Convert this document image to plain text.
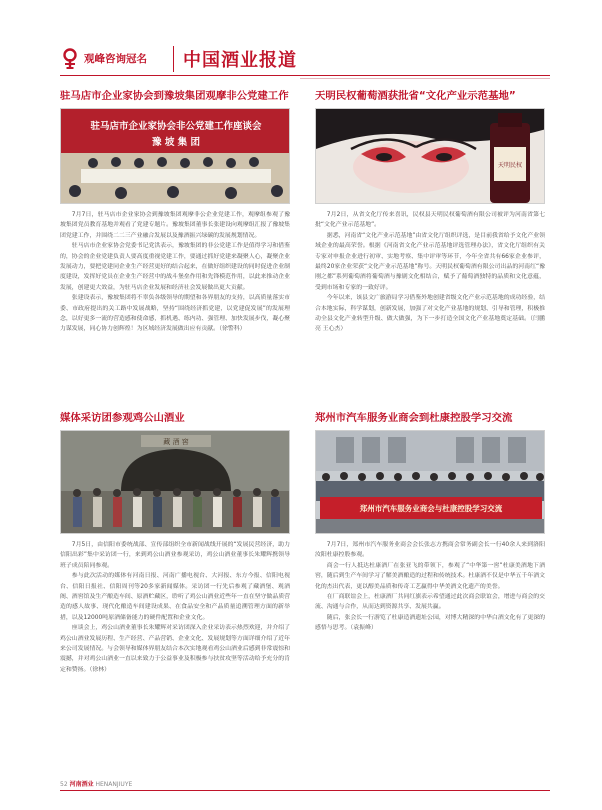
观峰咨询冠名 中国酒业报道
驻马店市企业家协会到豫坡集团观摩非公党建工作
驻马店市企业家协会非公党建工作座谈会
豫 坡 集 团

7月7日，驻马店市企业家协会到豫坡集团观摩非公企业党建工作，观摩组参观了豫坡集团党员教育基地并观看了党建专题片。豫坡集团董事长张建设向观摩组汇报了豫坡集团党建工作，并围绕二二三产业融合发展以及豫酒振兴绿碳的发展规划情况。

驻马店市企业家协会党委书记党洪表示，豫坡集团的非公党建工作是值得学习和借鉴的，协会的企业党建负责人要高度重视党建工作，要通过抓好党建来凝聚人心，凝聚企业发展动力，要把党建同企业生产经营更好的结合起来，在做好组织建设的同时促进企业制度建设，发挥好党员在企业生产经营中的战斗堡垒作用和先锋模范作用，以此来推动企业发展，创建更大效益，为驻马店企业发展和经济社会发展做出更大贡献。

张建设表示，豫坡集团将不辜负各级领导的期望和各界朋友的支持，以高质量落实市委、市政府提出的关工路中发展战略，坚持“围绕经济抓党建，以党建促发展”的发展理念，以好更多一流的营造感和使命感，抓机遇、练内功、强管理、加快发展步伐，凝心聚力谋发展，同心协力创辉煌！为区域经济发展做出应有贡献。（徐警科）

天明民权葡萄酒获批省“文化产业示范基地”
天明民权

7月2日，从省文化厅传来喜讯，民权县天明民权葡萄酒有限公司被评为河南省第七批“文化产业示范基地”。

据悉，河南省“文化产业示范基地”由省文化厅组织评选，是目前我省给予文化产业领域企业的最高荣誉。根据《河南省文化产业示范基地评选管理办法》，省文化厅组织有关专家对申报企业进行初审、实地考察、集中评审等环节，今年全省共有66家企业参评，最终20家企业荣获“文化产业示范基地”称号。天明民权葡萄酒有限公司出品的河南红“豫刚之都”系列葡萄酒将葡萄酒与豫剧文化相结合，赋予了葡萄酒独特的品质和文化意蕴，受到市场和专家的一致好评。

今年以来，该县文广旅游局学习借鉴外地创建省级文化产业示范基地的成功经验，结合本地实际，科学谋划，创新发展，加强了对文化产业基地的规划、引导和管理，积极推动全县文化产业转型升级、做大做强，为下一步打造全国文化产业基地奠定基础。（闫鹏亮 王心杰）

媒体采访团参观鸡公山酒业
藏 酒 窖

7月5日，由信阳市委统战部、宣传部组织全市新闻战线开展的“发展民营经济，助力信阳出彩”集中采访团一行，来到鸡公山酒业参观采访，鸡公山酒业董事长朱耀辉携领导班子成员陪同参观。

参与此次活动的媒体有河南日报、河南广播电视台、大河报、东方今报、信阳电视台、信阳日报社、信阳周刊等20多家新闻媒体。采访团一行先后参观了藏酒堡、观酒阁、酒窖馆及生产酿造车间、原酒贮藏区，聆听了鸡公山酒业近些年一直在坚守做品质营造的感人故事、现代化酿造车间建设成果、在食品安全和产品质量追溯管理方面的新举措，以及12000吨原酒储备能力的硬件配置和企业文化。

座谈会上，鸡公山酒业董事长朱耀辉对采访团深入企业采访表示热烈欢迎，并介绍了鸡公山酒业发展历程、生产经营、产品营销、企业文化、发展规划等方面详细介绍了近年来公司发展情况。与会领导和媒体界朋友结合本次实地观看鸡公山酒业后感到非常震惊和震撼，并对鸡公山酒业一直以来致力于公益事业及积极参与扶贫攻坚等活动给予充分的肯定和赞扬。（徐林）

郑州市汽车服务业商会到杜康控股学习交流
郑州市汽车服务业商会与杜康控股学习交流

7月7日，郑州市汽车服务业商会会长张志方携商会常务副会长一行40余人来到洛阳汝阳杜康控股参观。

商会一行人抵达杜康酒厂在张亚飞的带领下，参观了“中华第一窖”杜康美酒地下酒窖，随后到生产车间学习了解美酒酿造的过程和传统技术。杜康酒不仅是中华五千年酒文化的杰出代表，更以醇美品质和传奇工艺赢得中华美酒文化遗产的美誉。

在厂商联谊会上，杜康酒厂共同红旗表示希望通过此次商会联谊会，增进与商会的交流、沟通与合作，从而达到资源共享、发展共赢。

随后，张会长一行游览了杜康造酒遗址公园，对博大精深的中华白酒文化有了更深的感悟与思考。（袁振峰）

52 河南酒业 HENANJIUYE
